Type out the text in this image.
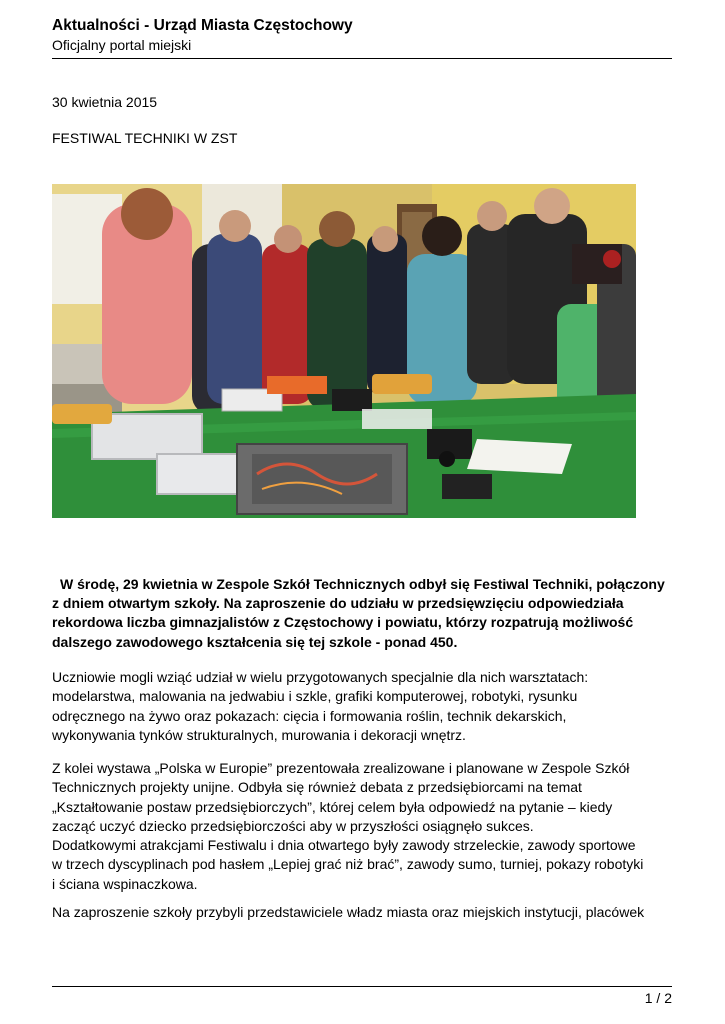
Aktualności - Urząd Miasta Częstochowy
Oficjalny portal miejski
30 kwietnia 2015
FESTIWAL TECHNIKI W ZST
W środę, 29 kwietnia w Zespole Szkół Technicznych odbył się Festiwal Techniki, połączony z dniem otwartym szkoły. Na zaproszenie do udziału w przedsięwzięciu odpowiedziała rekordowa liczba gimnazjalistów z Częstochowy i powiatu, którzy rozpatrują możliwość dalszego zawodowego kształcenia się tej szkole - ponad 450.
Uczniowie mogli wziąć udział w wielu przygotowanych specjalnie dla nich warsztatach:
modelarstwa, malowania na jedwabiu i szkle, grafiki komputerowej, robotyki, rysunku
odręcznego na żywo oraz pokazach: cięcia i formowania roślin, technik dekarskich,
wykonywania tynków strukturalnych, murowania i dekoracji wnętrz.
Z kolei wystawa „Polska w Europie” prezentowała zrealizowane i planowane w Zespole Szkół
Technicznych projekty unijne. Odbyła się również debata z przedsiębiorcami na temat
„Kształtowanie postaw przedsiębiorczych”, której celem była odpowiedź na pytanie – kiedy
zacząć uczyć dziecko przedsiębiorczości aby w przyszłości osiągnęło sukces.
Dodatkowymi atrakcjami Festiwalu i dnia otwartego były zawody strzeleckie, zawody sportowe
w trzech dyscyplinach pod hasłem „Lepiej grać niż brać”, zawody sumo, turniej, pokazy robotyki
i ściana wspinaczkowa.
Na zaproszenie szkoły przybyli przedstawiciele władz miasta oraz miejskich instytucji, placówek
1 / 2
